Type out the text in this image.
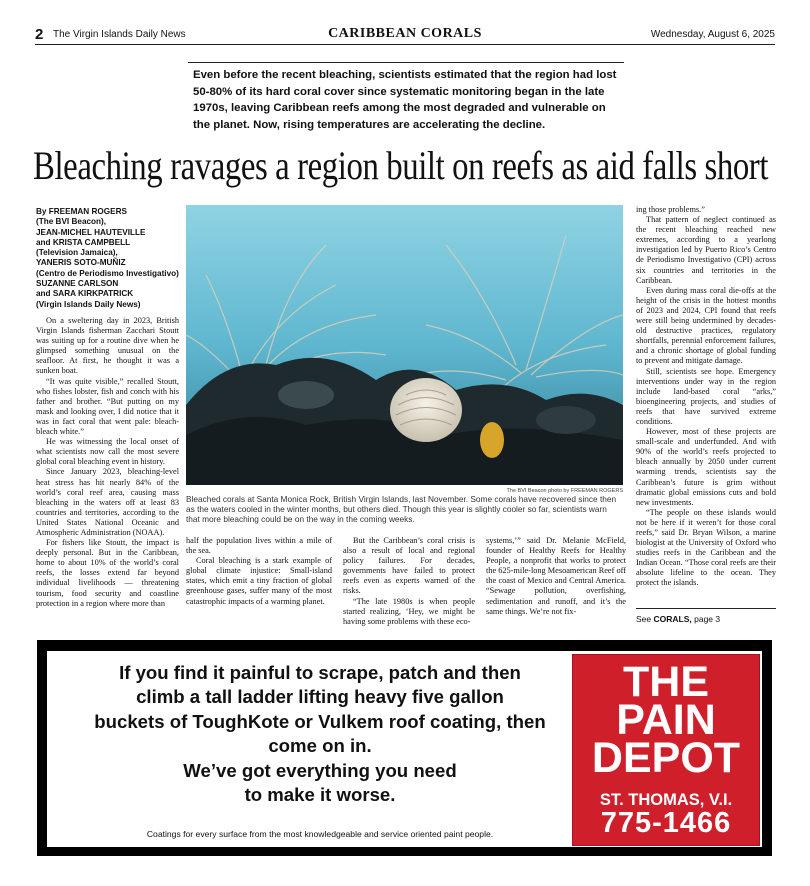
2 The Virgin Islands Daily News	CARIBBEAN CORALS	Wednesday, August 6, 2025
Even before the recent bleaching, scientists estimated that the region had lost 50-80% of its hard coral cover since systematic monitoring began in the late 1970s, leaving Caribbean reefs among the most degraded and vulnerable on the planet. Now, rising temperatures are accelerating the decline.
Bleaching ravages a region built on reefs as aid falls short
By FREEMAN ROGERS
(The BVI Beacon),
JEAN-MICHEL HAUTEVILLE
and KRISTA CAMPBELL
(Television Jamaica),
YANERIS SOTO-MUÑIZ
(Centro de Periodismo Investigativo)
SUZANNE CARLSON
and SARA KIRKPATRICK
(Virgin Islands Daily News)
The BVI Beacon photo by FREEMAN ROGERS
Bleached corals at Santa Monica Rock, British Virgin Islands, last November. Some corals have recovered since then as the waters cooled in the winter months, but others died. Though this year is slightly cooler so far, scientists warn that more bleaching could be on the way in the coming weeks.

On a sweltering day in 2023, British Virgin Islands fisherman Zacchari Stoutt was suiting up for a routine dive when he glimpsed something unusual on the seafloor. At first, he thought it was a sunken boat.

“It was quite visible,” recalled Stoutt, who fishes lobster, fish and conch with his father and brother. “But putting on my mask and looking over, I did notice that it was in fact coral that went pale: bleach-bleach white.”

He was witnessing the local onset of what scientists now call the most severe global coral bleaching event in history.

Since January 2023, bleaching-level heat stress has hit nearly 84% of the world’s coral reef area, causing mass bleaching in the waters off at least 83 countries and territories, according to the United States National Oceanic and Atmospheric Administration (NOAA).

For fishers like Stoutt, the impact is deeply personal. But in the Caribbean, home to about 10% of the world’s coral reefs, the losses extend far beyond individual livelihoods — threatening tourism, food security and coastline protection in a region where more than

half the population lives within a mile of the sea.

Coral bleaching is a stark example of global climate injustice: Small-island states, which emit a tiny fraction of global greenhouse gases, suffer many of the most catastrophic impacts of a warming planet.

But the Caribbean’s coral crisis is also a result of local and regional policy failures. For decades, governments have failed to protect reefs even as experts warned of the risks.

“The late 1980s is when people started realizing, ‘Hey, we might be having some problems with these eco-

systems,’” said Dr. Melanie McField, founder of Healthy Reefs for Healthy People, a nonprofit that works to protect the 625-mile-long Mesoamerican Reef off the coast of Mexico and Central America. “Sewage pollution, overfishing, sedimentation and runoff, and it’s the same things. We’re not fix-

ing those problems.”

That pattern of neglect continued as the recent bleaching reached new extremes, according to a yearlong investigation led by Puerto Rico’s Centro de Periodismo Investigativo (CPI) across six countries and territories in the Caribbean.

Even during mass coral die-offs at the height of the crisis in the hottest months of 2023 and 2024, CPI found that reefs were still being undermined by decades-old destructive practices, regulatory shortfalls, perennial enforcement failures, and a chronic shortage of global funding to prevent and mitigate damage.

Still, scientists see hope. Emergency interventions under way in the region include land-based coral “arks,” bioengineering projects, and studies of reefs that have survived extreme conditions.

However, most of these projects are small-scale and underfunded. And with 90% of the world’s reefs projected to bleach annually by 2050 under current warming trends, scientists say the Caribbean’s future is grim without dramatic global emissions cuts and bold new investments.

“The people on these islands would not be here if it weren’t for those coral reefs,” said Dr. Bryan Wilson, a marine biologist at the University of Oxford who studies reefs in the Caribbean and the Indian Ocean. “Those coral reefs are their absolute lifeline to the ocean. They protect the islands.

See CORALS, page 3
If you find it painful to scrape, patch and then
climb a tall ladder lifting heavy five gallon
buckets of ToughKote or Vulkem roof coating, then
come on in.
We’ve got everything you need
to make it worse.
Coatings for every surface from the most knowledgeable and service oriented paint people.
THE
PAIN
DEPOT
ST. THOMAS, V.I.
775-1466
